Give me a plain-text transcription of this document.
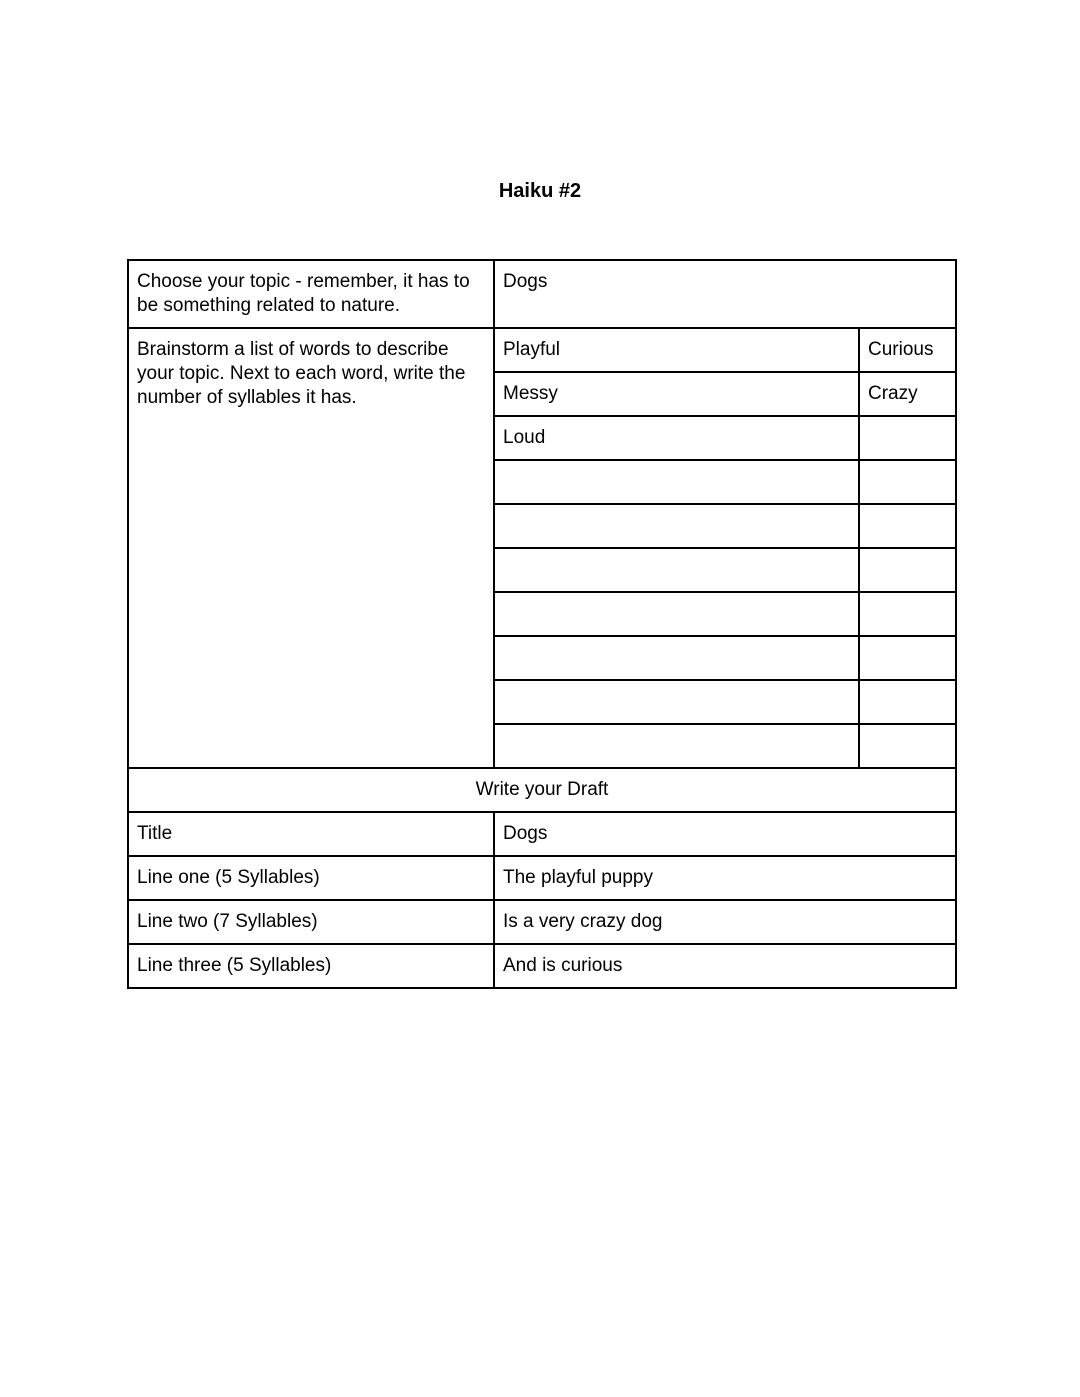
Haiku #2
Choose your topic - remember, it has to be something related to nature.	Dogs	
Brainstorm a list of words to describe your topic. Next to each word, write the number of syllables it has.	Playful	Curious
	Messy	Crazy
	Loud	

Write your Draft		
Title	Dogs	
Line one (5 Syllables)	The playful puppy	
Line two (7 Syllables)	Is a very crazy dog	
Line three (5 Syllables)	And is curious	
